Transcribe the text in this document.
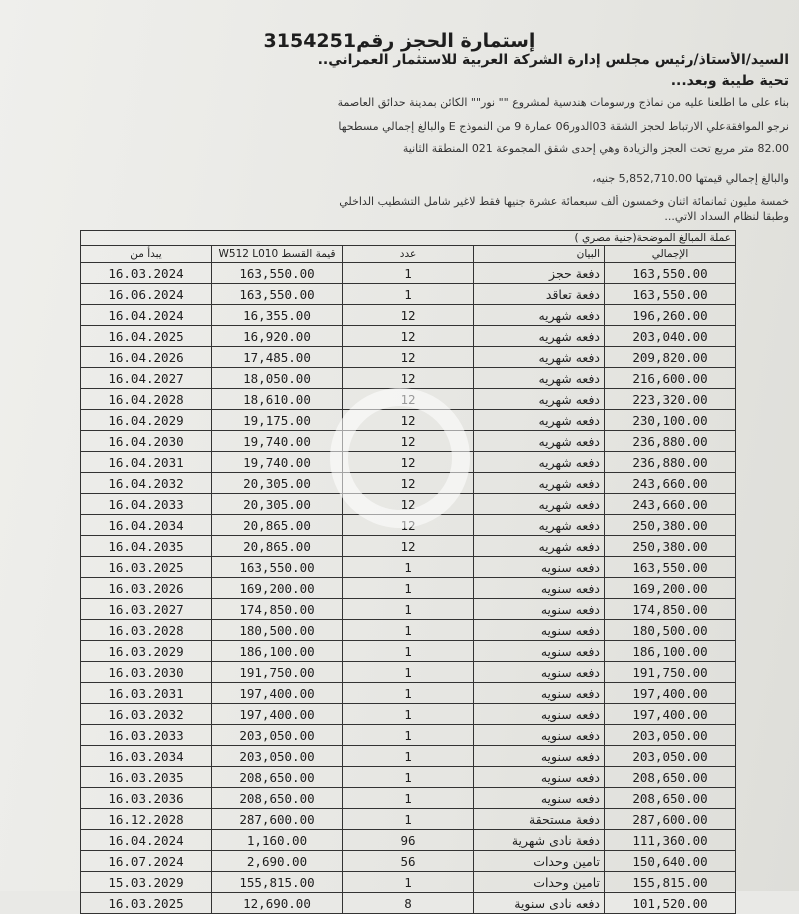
إستمارة الحجز رقم3154251
السيد/الأستاذ/رئيس مجلس إدارة الشركة العربية للاستثمار العمراني..
تحية طيبة وبعد...
بناء على ما اطلعنا عليه من نماذج ورسومات هندسية لمشروع "" نور"" الكائن بمدينة حدائق العاصمة
نرجو الموافقةعلي الارتباط لحجز الشقة 03الدور06 عمارة 9 من النموذج E والبالغ إجمالي مسطحها
82.00 متر مربع تحت العجز والزيادة وهي إحدى شقق المجموعة 021 المنطقة الثانية
والبالغ إجمالي قيمتها 5,852,710.00 جنيه،
خمسة مليون ثمانمائة اثنان وخمسون ألف سبعمائة عشرة جنيها فقط لاغير شامل التشطيب الداخلي
وطبقا لنظام السداد الاتي...
عملة المبالغ الموضحة(جنية مصري )				
يبدأ من	W512 L010 قيمة القسط	عدد	البيان	الإجمالي
16.03.2024	163,550.00	1	دفعة حجز	163,550.00
16.06.2024	163,550.00	1	دفعة تعاقد	163,550.00
16.04.2024	16,355.00	12	دفعه شهريه	196,260.00
16.04.2025	16,920.00	12	دفعه شهريه	203,040.00
16.04.2026	17,485.00	12	دفعه شهريه	209,820.00
16.04.2027	18,050.00	12	دفعه شهريه	216,600.00
16.04.2028	18,610.00	12	دفعه شهريه	223,320.00
16.04.2029	19,175.00	12	دفعه شهريه	230,100.00
16.04.2030	19,740.00	12	دفعه شهريه	236,880.00
16.04.2031	19,740.00	12	دفعه شهريه	236,880.00
16.04.2032	20,305.00	12	دفعه شهريه	243,660.00
16.04.2033	20,305.00	12	دفعه شهريه	243,660.00
16.04.2034	20,865.00	12	دفعه شهريه	250,380.00
16.04.2035	20,865.00	12	دفعه شهريه	250,380.00
16.03.2025	163,550.00	1	دفعه سنويه	163,550.00
16.03.2026	169,200.00	1	دفعه سنويه	169,200.00
16.03.2027	174,850.00	1	دفعه سنويه	174,850.00
16.03.2028	180,500.00	1	دفعه سنويه	180,500.00
16.03.2029	186,100.00	1	دفعه سنويه	186,100.00
16.03.2030	191,750.00	1	دفعه سنويه	191,750.00
16.03.2031	197,400.00	1	دفعه سنويه	197,400.00
16.03.2032	197,400.00	1	دفعه سنويه	197,400.00
16.03.2033	203,050.00	1	دفعه سنويه	203,050.00
16.03.2034	203,050.00	1	دفعه سنويه	203,050.00
16.03.2035	208,650.00	1	دفعه سنويه	208,650.00
16.03.2036	208,650.00	1	دفعه سنويه	208,650.00
16.12.2028	287,600.00	1	دفعة مستحقة	287,600.00
16.04.2024	1,160.00	96	دفعة نادى شهرية	111,360.00
16.07.2024	2,690.00	56	تامين وحدات	150,640.00
15.03.2029	155,815.00	1	تامين وحدات	155,815.00
16.03.2025	12,690.00	8	دفعه نادى سنوية	101,520.00
